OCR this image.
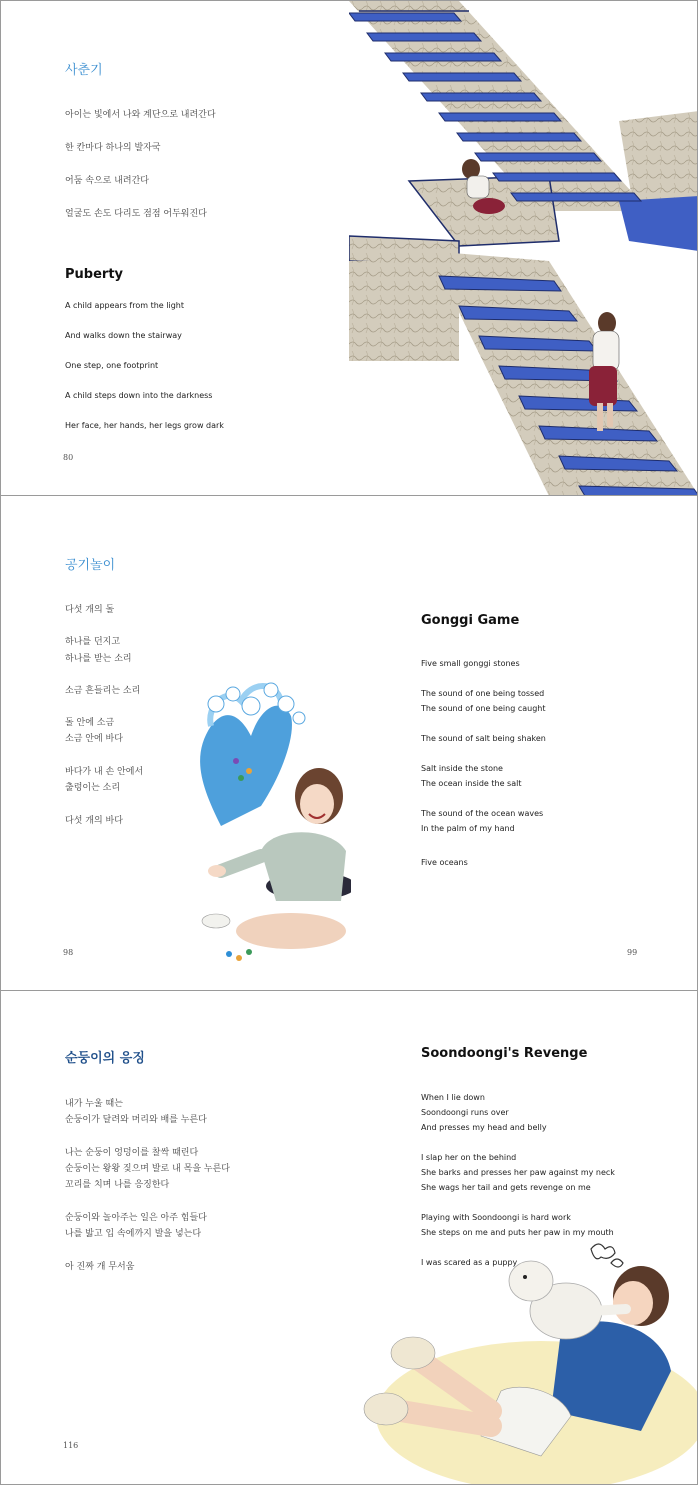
사춘기
아이는 빛에서 나와 계단으로 내려간다
한 칸마다 하나의 발자국
어둠 속으로 내려간다
얼굴도 손도 다리도 점점 어두워진다
Puberty
A child appears from the light
And walks down the stairway
One step, one footprint
A child steps down into the darkness
Her face, her hands, her legs grow dark
80
공기놀이
다섯 개의 돌
하나를 던지고
하나를 받는 소리
소금 흔들리는 소리
돌 안에 소금
소금 안에 바다
바다가 내 손 안에서
출렁이는 소리
다섯 개의 바다
Gonggi Game
Five small gonggi stones
The sound of one being tossed
The sound of one being caught
The sound of salt being shaken
Salt inside the stone
The ocean inside the salt
The sound of the ocean waves
In the palm of my hand
Five oceans
98	99
순둥이의 응징
내가 누울 때는
순둥이가 달려와 머리와 배를 누른다
나는 순둥이 엉덩이를 찰싹 때린다
순둥이는 왕왕 짖으며 발로 내 목을 누른다
꼬리를 치며 나를 응징한다
순둥이와 놀아주는 일은 아주 힘들다
나를 밟고 입 속에까지 발을 넣는다
아 진짜 개 무서움
Soondoongi's Revenge
When I lie down
Soondoongi runs over
And presses my head and belly
I slap her on the behind
She barks and presses her paw against my neck
She wags her tail and gets revenge on me
Playing with Soondoongi is hard work
She steps on me and puts her paw in my mouth
I was scared as a puppy
116
